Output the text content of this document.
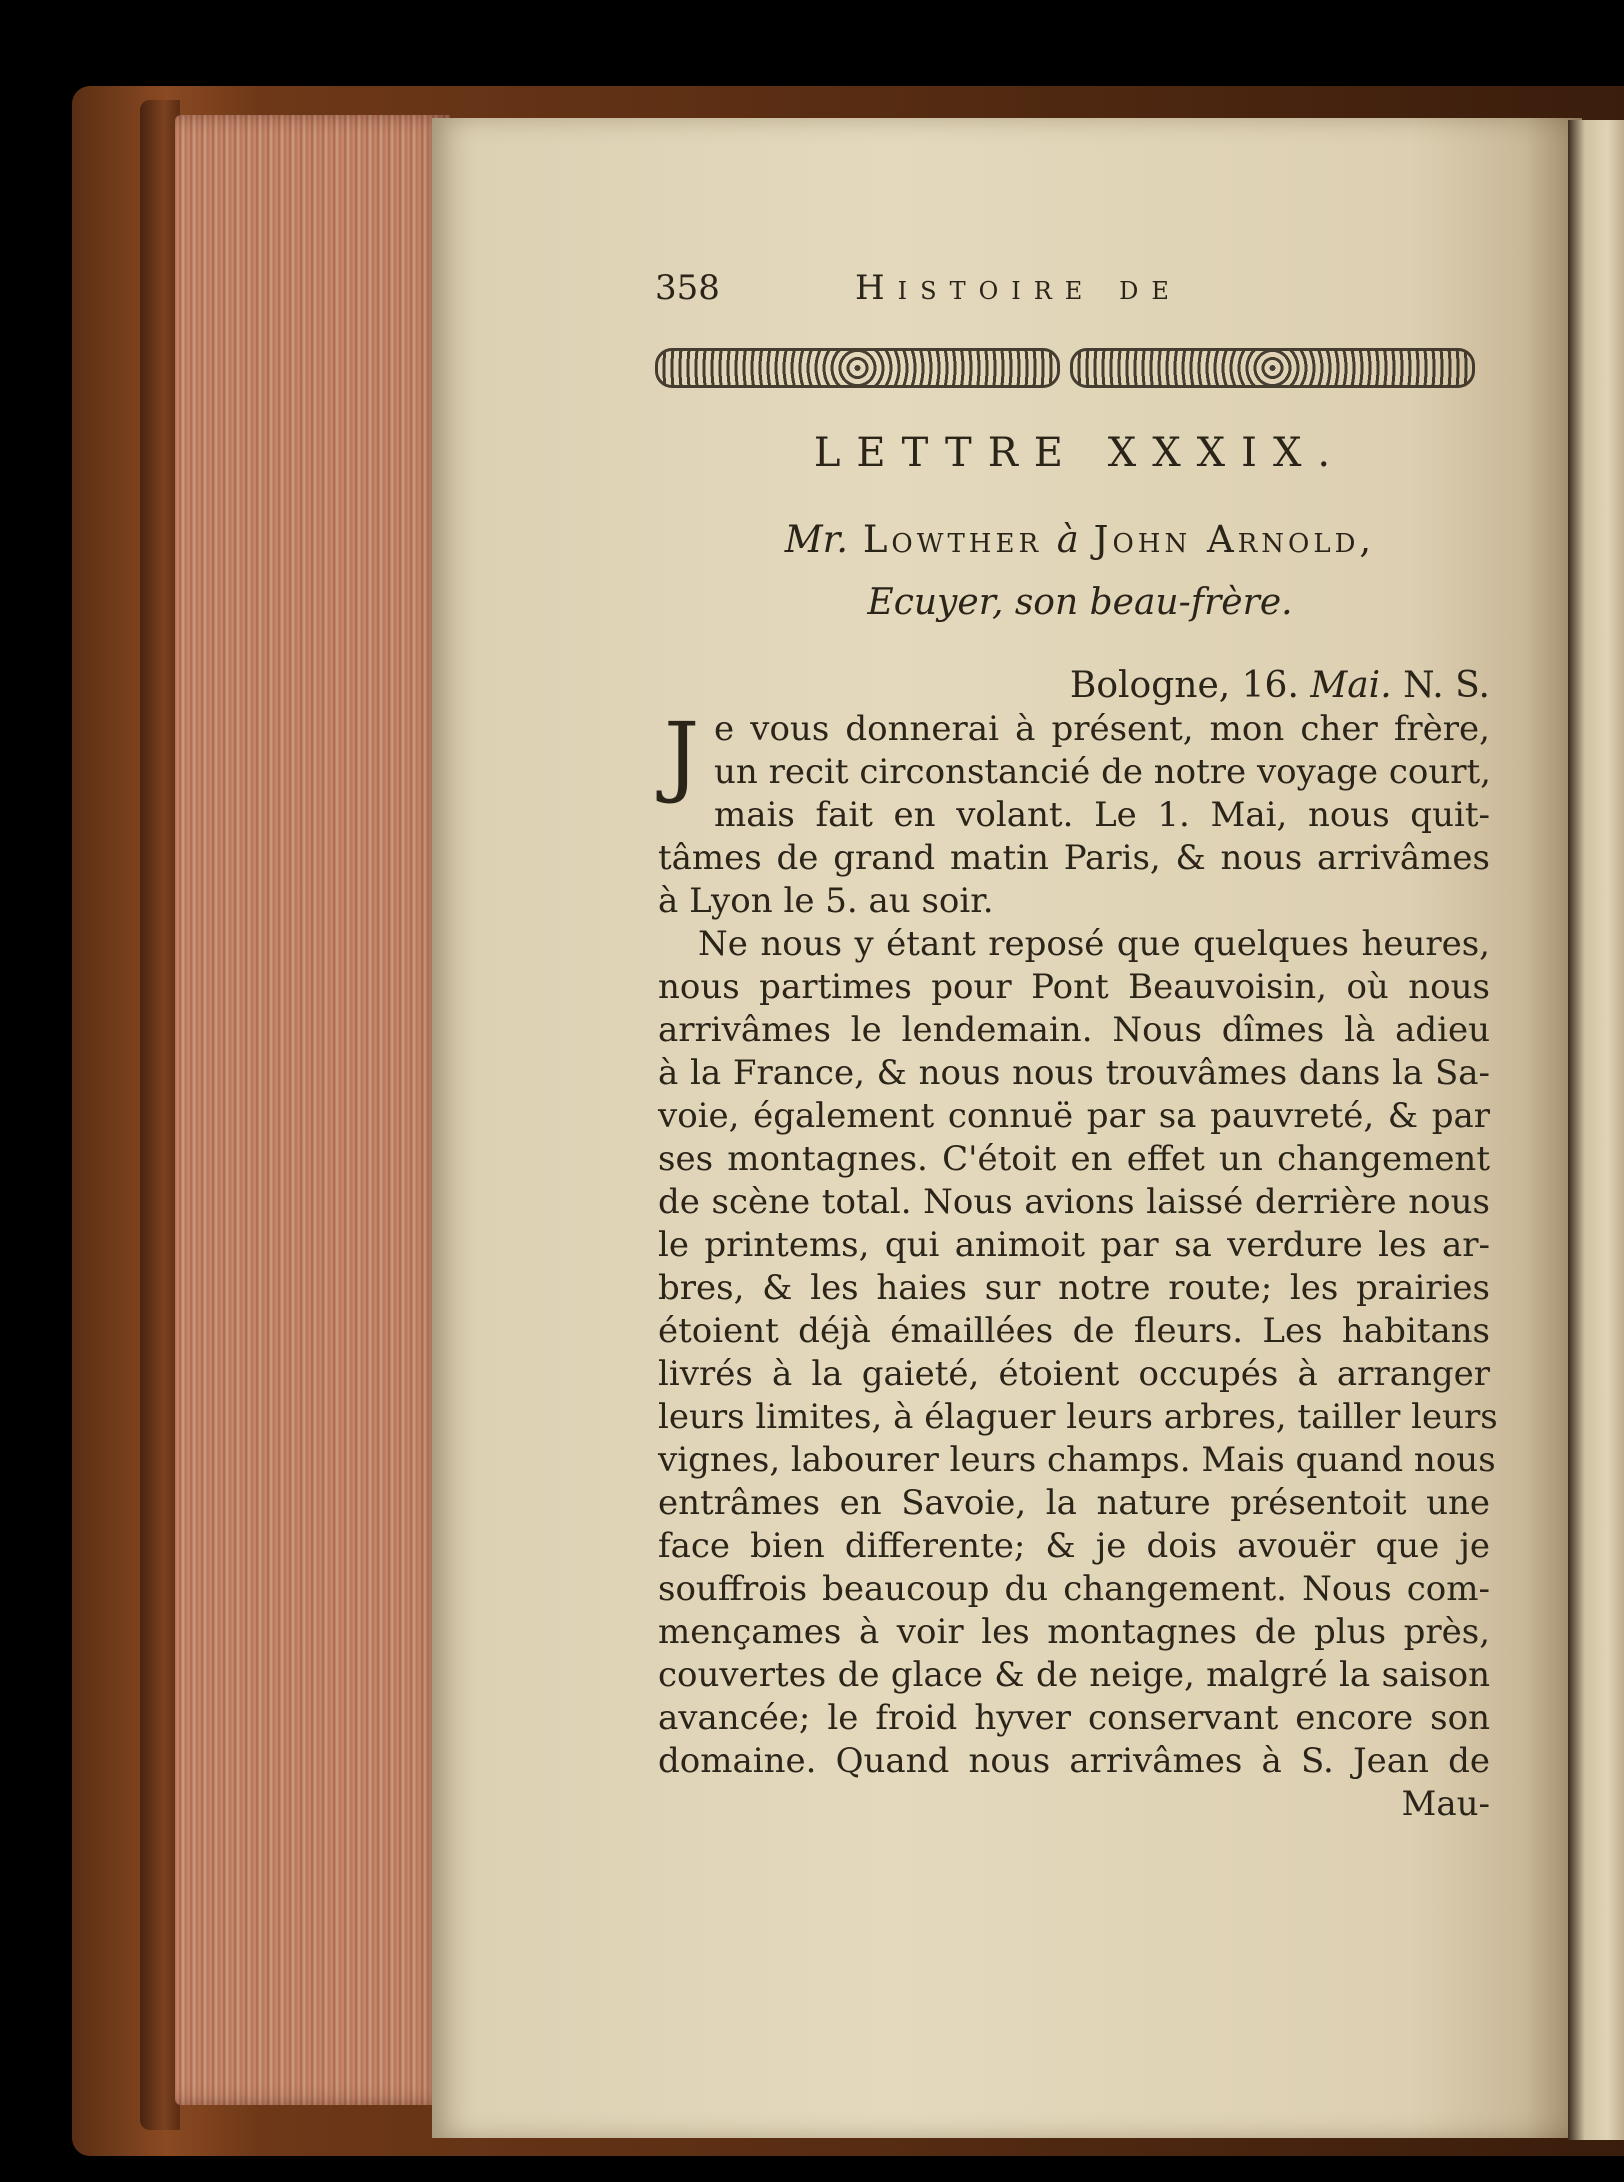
358	Histoire de
LETTRE XXXIX.
Mr. Lowther à John Arnold,
Ecuyer, son beau-frère.
Bologne, 16. Mai. N. S.
J e vous donnerai à présent, mon cher frère,
un recit circonstancié de notre voyage court,
mais fait en volant. Le 1. Mai, nous quit-
tâmes de grand matin Paris, & nous arrivâmes
à Lyon le 5. au soir.
Ne nous y étant reposé que quelques heures,
nous partimes pour Pont Beauvoisin, où nous
arrivâmes le lendemain. Nous dîmes là adieu
à la France, & nous nous trouvâmes dans la Sa-
voie, également connuë par sa pauvreté, & par
ses montagnes. C'étoit en effet un changement
de scène total. Nous avions laissé derrière nous
le printems, qui animoit par sa verdure les ar-
bres, & les haies sur notre route; les prairies
étoient déjà émaillées de fleurs. Les habitans
livrés à la gaieté, étoient occupés à arranger
leurs limites, à élaguer leurs arbres, tailler leurs
vignes, labourer leurs champs. Mais quand nous
entrâmes en Savoie, la nature présentoit une
face bien differente; & je dois avouër que je
souffrois beaucoup du changement. Nous com-
mençames à voir les montagnes de plus près,
couvertes de glace & de neige, malgré la saison
avancée; le froid hyver conservant encore son
domaine. Quand nous arrivâmes à S. Jean de
Mau-
